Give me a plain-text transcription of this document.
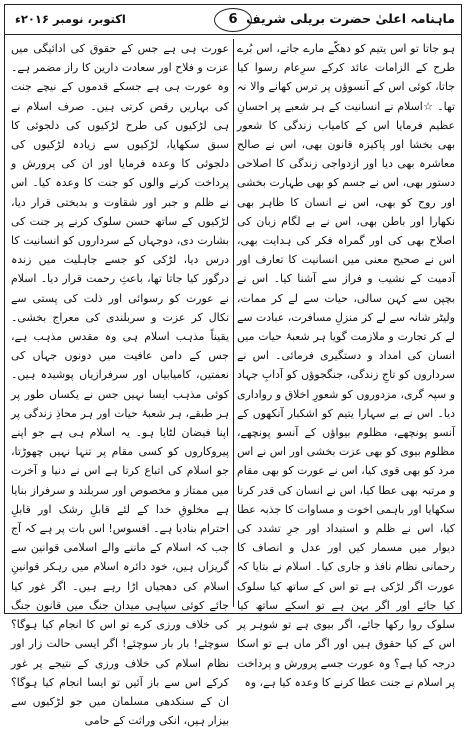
ماہنامہ اعلیٰ حضرت بریلی شریف
6
اکتوبر، نومبر ۲۰۱۶ء

ہو جاتا تو اس یتیم کو دھکّے مارے جاتے، اس بُرے طرح کے الزامات عائد کرکے سرِعام رسوا کیا جاتا، کوئی اس کے آنسوؤں پر ترس کھانے والا نہ تھا۔ ☆اسلام نے انسانیت کے ہر شعبے پر احسانِ عظیم فرمایا اس کے کامیاب زندگی کا شعور بھی بخشا اور پاکیزہ قانون بھی، اس نے صالح معاشرہ بھی دیا اور ازدواجی زندگی کا اصلاحی دستور بھی، اس نے جسم کو بھی طہارت بخشی اور روح کو بھی، اس نے انسان کا ظاہر بھی نکھارا اور باطن بھی، اس نے بے لگام زبان کی اصلاح بھی کی اور گمراہ فکر کی ہدایت بھی، اس نے صحیح معنی میں انسانیت کا تعارف اور آدمیت کے نشیب و فراز سے آشنا کیا۔ اس نے بچپن سے کہن سالی، حیات سے لے کر ممات، ولیٹر شانہ سے لے کر منزلِ مسافرت، عبادت سے لے کر تجارت و ملازمت گویا ہر شعبۂ حیات میں انسان کی امداد و دستگیری فرمائی۔ اس نے سرداروں کو تاجِ زندگی، جنگجوؤں کو آدابِ جہاد و سپہ گری، مزدوروں کو شعورِ اخلاق و رواداری دیا۔ اس نے بے سہارا یتیم کو اشکبار آنکھوں کے آنسو پونچھے، مظلوم بیواؤں کے آنسو پونچھے، مظلوم بیوی کو بھی عزت بخشی اور اس نے اس مرد کو بھی قوی کیا، اس نے عورت کو بھی مقام و مرتبہ بھی عطا کیا، اس نے انسان کی قدر کرنا سکھایا اور باہمی اخوت و مساوات کا جذبہ عطا کیا، اس نے ظلم و استبداد اور جرِ تشدد کی دیوار میں مسمار کیں اور عدل و انصاف کا رحمانی نظام نافذ و جاری کیا۔ اسلام نے بتایا کہ عورت اگر لڑکی ہے تو اس کے ساتھ کیا سلوک کیا جائے اور اگر بہن ہے تو اسکے ساتھ کیا سلوک روا رکھا جائے، اگر بیوی ہے تو شوہر پر اس کے کیا حقوق ہیں اور اگر ماں ہے تو اسکا درجہ کیا ہے؟ وہ عورت جسے پرورش و پرداخت پر اسلام نے جنت عطا کرنے کا وعدہ کیا ہے، وہ

عورت ہی ہے جس کے حقوق کی ادائیگی میں عزت و فلاح اور سعادت دارین کا راز مضمر ہے۔ وہ عورت ہی ہے جسکے قدموں کے نیچے جنت کی بہاریں رقص کرتی ہیں۔ صرف اسلام نے ہی لڑکیوں کی طرح لڑکیوں کی دلجوئی کا سبق سکھایا، لڑکیوں سے زیادہ لڑکیوں کی دلجوئی کا وعدہ فرمایا اور ان کی پرورش و پرداخت کرنے والوں کو جنت کا وعدہ کیا۔ اس نے ظلم و جبر اور شقاوت و بدبختی قرار دیا، لڑکیوں کے ساتھ حسن سلوک کرنے پر جنت کی بشارت دی، دوجہاں کے سرداروں کو انسانیت کا درس دیا، لڑکی کو جسے جاہلیت میں زندہ درگور کیا جاتا تھا، باعثِ رحمت قرار دیا۔ اسلام نے عورت کو رسوائی اور ذلت کی پستی سے نکال کر عزت و سربلندی کی معراج بخشی۔ یقیناً مذہب اسلام ہی وہ مقدس مذہب ہے، جس کے دامن عافیت میں دونوں جہاں کی نعمتیں، کامیابیاں اور سرفرازیاں پوشیدہ ہیں۔ کوئی مذہب ایسا نہیں جس نے یکساں طور پر ہر طبقے، ہر شعبۂ حیات اور ہر محاذِ زندگی پر اپنا فیضان لٹایا ہو۔ یہ اسلام ہی ہے جو اپنے پیروکاروں کو کسی مقام پر تنہا نہیں چھوڑتا، جو اسلام کی اتباع کرتا ہے اس نے دنیا و آخرت میں ممتاز و مخصوص اور سربلند و سرفراز بنایا ہے مخلوقِ خدا کے لئے قابلِ رشک اور قابلِ احترام بنادیا ہے۔ افسوس! اس بات پر ہے کہ آج جب کہ اسلام کے ماننے والے اسلامی قوانین سے گریزاں ہیں، خود دائرہ اسلام میں رہکر قوانینِ اسلام کی دھجیاں اڑا رہے ہیں۔ اگر غور کیا جائے کوئی سپاہی میدان جنگ میں قانون جنگ کی خلاف ورزی کرے تو اس کا انجام کیا ہوگا؟ سوچئے! بار بار سوچئے! اگر ایسی حالت زار اور نظام اسلام کی خلاف ورزی کے نتیجے پر غور کرکے اس سے باز آئیں تو ایسا انجام کیا ہوگا؟ ان کے سنکدھی مسلمان میں جو لڑکیوں سے بیزار ہیں، انکی وراثت کے حامی
